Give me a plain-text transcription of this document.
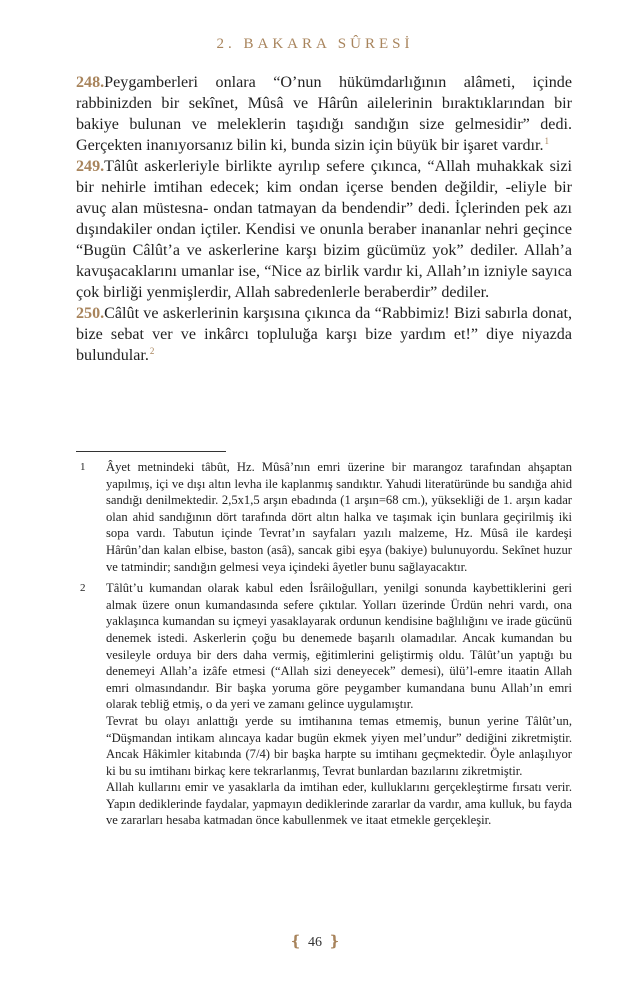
2. BAKARA SÛRESİ

248.Peygamberleri onlara “O’nun hükümdarlığının alâmeti, içinde rabbinizden bir sekînet, Mûsâ ve Hârûn ailelerinin bıraktıklarından bir bakiye bulunan ve meleklerin taşıdığı sandığın size gelmesidir” dedi. Gerçekten inanıyorsanız bilin ki, bunda sizin için büyük bir işaret vardır.$^1$

249.Tâlût askerleriyle birlikte ayrılıp sefere çıkınca, “Allah muhakkak sizi bir nehirle imtihan edecek; kim ondan içerse benden değildir, -eliyle bir avuç alan müstesna- ondan tatmayan da bendendir” dedi. İçlerinden pek azı dışındakiler ondan içtiler. Kendisi ve onunla beraber inananlar nehri geçince “Bugün Câlût’a ve askerlerine karşı bizim gücümüz yok” dediler. Allah’a kavuşacaklarını umanlar ise, “Nice az birlik vardır ki, Allah’ın izniyle sayıca çok birliği yenmişlerdir, Allah sabredenlerle beraberdir” dediler.

250.Câlût ve askerlerinin karşısına çıkınca da “Rabbimiz! Bizi sabırla donat, bize sebat ver ve inkârcı topluluğa karşı bize yardım et!” diye niyazda bulundular.$^2$

1 Âyet metnindeki tâbût, Hz. Mûsâ’nın emri üzerine bir marangoz tarafından ahşaptan yapılmış, içi ve dışı altın levha ile kaplanmış sandıktır. Yahudi literatüründe bu sandığa ahid sandığı denilmektedir. 2,5x1,5 arşın ebadında (1 arşın=68 cm.), yüksekliği de 1. arşın kadar olan ahid sandığının dört tarafında dört altın halka ve taşımak için bunlara geçirilmiş iki sopa vardı. Tabutun içinde Tevrat’ın sayfaları yazılı malzeme, Hz. Mûsâ ile kardeşi Hârûn’dan kalan elbise, baston (asâ), sancak gibi eşya (bakiye) bulunuyordu. Sekînet huzur ve tatmindir; sandığın gelmesi veya içindeki âyetler bunu sağlayacaktır.

2 Tâlût’u kumandan olarak kabul eden İsrâiloğulları, yenilgi sonunda kaybettiklerini geri almak üzere onun kumandasında sefere çıktılar. Yolları üzerinde Ürdün nehri vardı, ona yaklaşınca kumandan su içmeyi yasaklayarak ordunun kendisine bağlılığını ve irade gücünü denemek istedi. Askerlerin çoğu bu denemede başarılı olamadılar. Ancak kumandan bu vesileyle orduya bir ders daha vermiş, eğitimlerini geliştirmiş oldu. Tâlût’un yaptığı bu denemeyi Allah’a izâfe etmesi (“Allah sizi deneyecek” demesi), ülü’l-emre itaatin Allah emri olmasındandır. Bir başka yoruma göre peygamber kumandana bunu Allah’ın emri olarak tebliğ etmiş, o da yeri ve zamanı gelince uygulamıştır.

Tevrat bu olayı anlattığı yerde su imtihanına temas etmemiş, bunun yerine Tâlût’un, “Düşmandan intikam alıncaya kadar bugün ekmek yiyen mel’undur” dediğini zikretmiştir. Ancak Hâkimler kitabında (7/4) bir başka harpte su imtihanı geçmektedir. Öyle anlaşılıyor ki bu su imtihanı birkaç kere tekrarlanmış, Tevrat bunlardan bazılarını zikretmiştir.

Allah kullarını emir ve yasaklarla da imtihan eder, kulluklarını gerçekleştirme fırsatı verir. Yapın dediklerinde faydalar, yapmayın dediklerinde zararlar da vardır, ama kulluk, bu fayda ve zararları hesaba katmadan önce kabullenmek ve itaat etmekle gerçekleşir.

❴ 46 ❵
